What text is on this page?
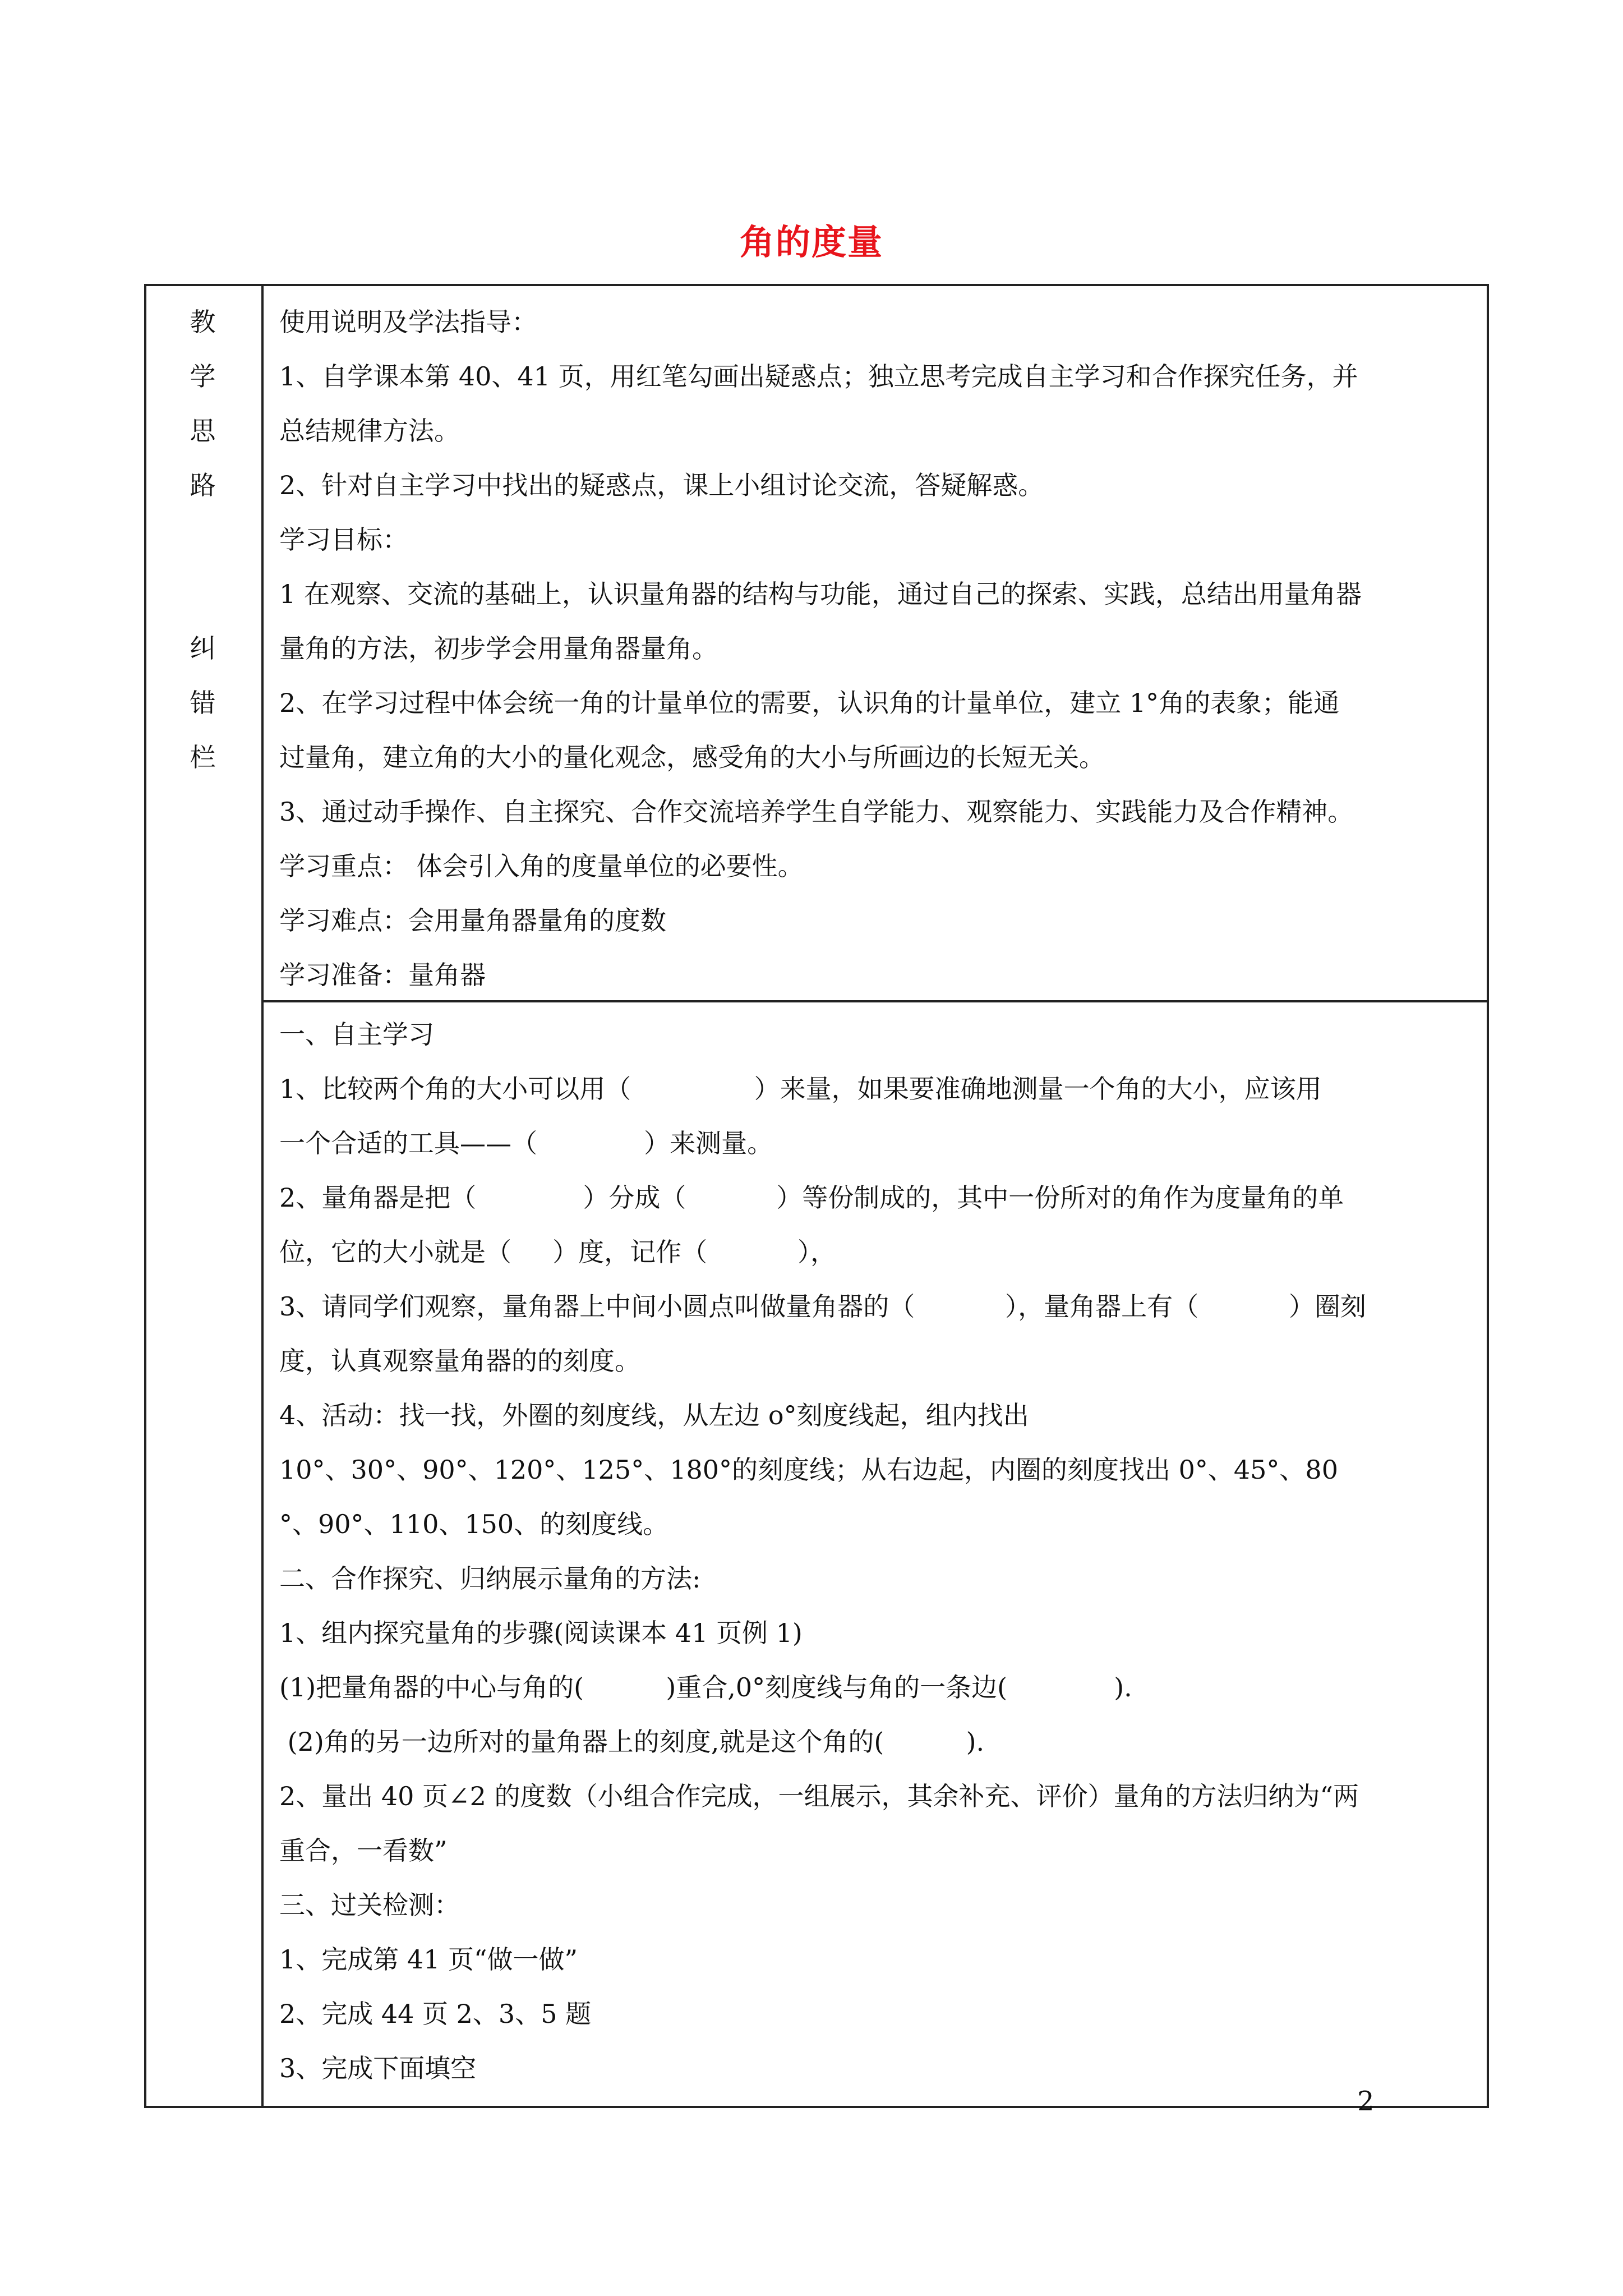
角的度量
教
学
思
路
纠
错
栏

使用说明及学法指导：

1、自学课本第 40、41 页，用红笔勾画出疑惑点；独立思考完成自主学习和合作探究任务，并

总结规律方法。

2、针对自主学习中找出的疑惑点，课上小组讨论交流，答疑解惑。

学习目标：

1 在观察、交流的基础上，认识量角器的结构与功能，通过自己的探索、实践，总结出用量角器

量角的方法，初步学会用量角器量角。

2、在学习过程中体会统一角的计量单位的需要，认识角的计量单位，建立 1°角的表象；能通

过量角，建立角的大小的量化观念，感受角的大小与所画边的长短无关。

3、通过动手操作、自主探究、合作交流培养学生自学能力、观察能力、实践能力及合作精神。

学习重点： 体会引入角的度量单位的必要性。

学习难点：会用量角器量角的度数

学习准备：量角器

一、自主学习

1、比较两个角的大小可以用（               ）来量，如果要准确地测量一个角的大小，应该用

一个合适的工具——（             ）来测量。

2、量角器是把（             ）分成（           ）等份制成的，其中一份所对的角作为度量角的单

位，它的大小就是（     ）度，记作（           ），

3、请同学们观察，量角器上中间小圆点叫做量角器的（           ），量角器上有（           ）圈刻

度，认真观察量角器的的刻度。

4、活动：找一找，外圈的刻度线，从左边 o°刻度线起，组内找出

10°、30°、90°、120°、125°、180°的刻度线；从右边起，内圈的刻度找出 0°、45°、80

°、90°、110、150、的刻度线。

二、合作探究、归纳展示量角的方法:

1、组内探究量角的步骤(阅读课本 41 页例 1)

(1)把量角器的中心与角的(          )重合,0°刻度线与角的一条边(             ).

(2)角的另一边所对的量角器上的刻度,就是这个角的(          ).

2、量出 40 页∠2 的度数（小组合作完成，一组展示，其余补充、评价）量角的方法归纳为“两

重合，一看数”

三、过关检测：

1、完成第 41 页“做一做”

2、完成 44 页 2、3、5 题

3、完成下面填空

2
